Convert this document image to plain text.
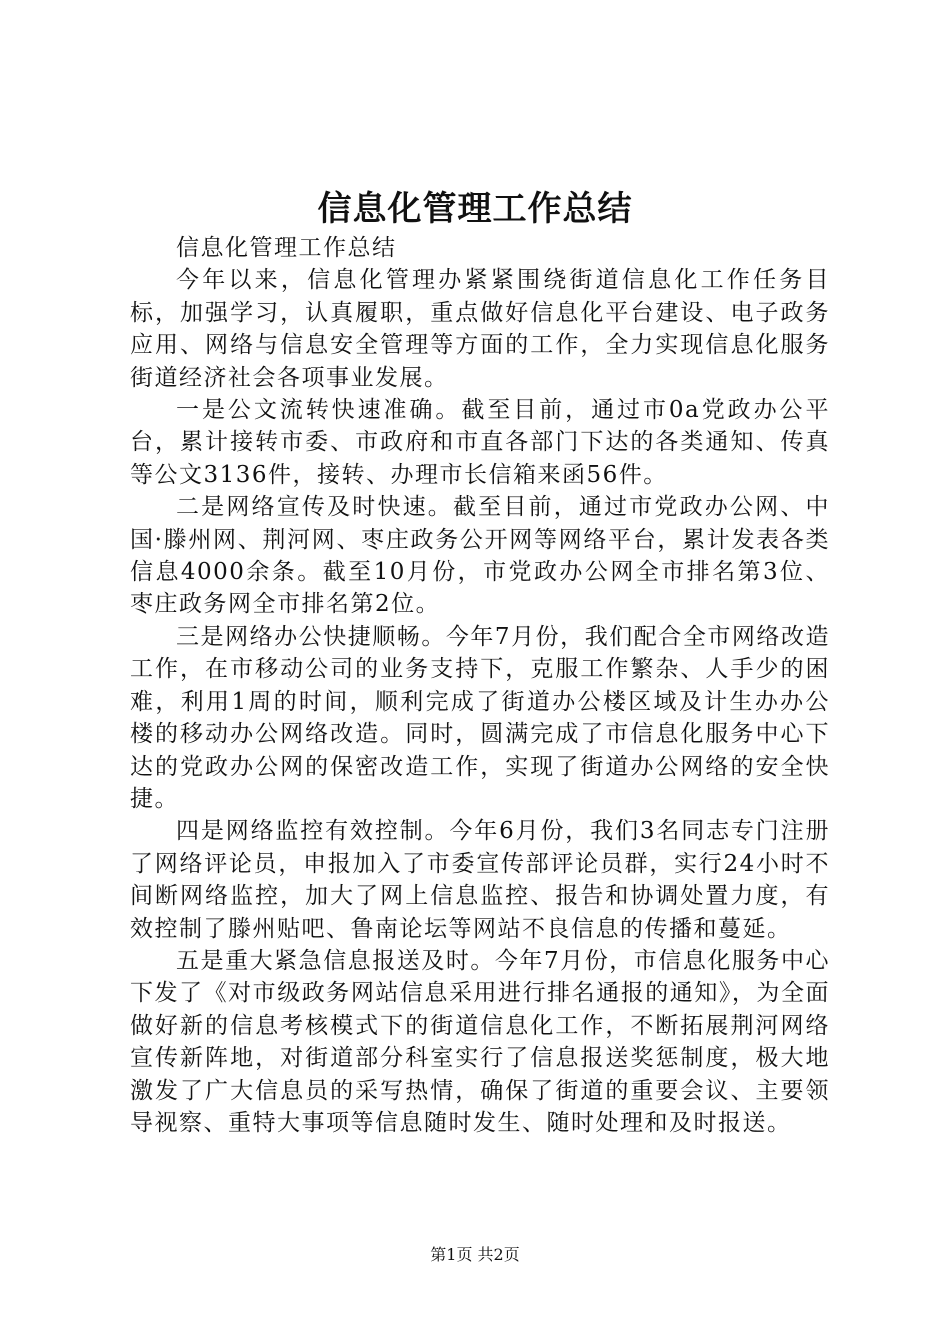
信息化管理工作总结

信息化管理工作总结

今年以来，信息化管理办紧紧围绕街道信息化工作任务目标，加强学习，认真履职，重点做好信息化平台建设、电子政务应用、网络与信息安全管理等方面的工作，全力实现信息化服务街道经济社会各项事业发展。

一是公文流转快速准确。截至目前，通过市0a党政办公平台，累计接转市委、市政府和市直各部门下达的各类通知、传真等公文3136件，接转、办理市长信箱来函56件。

二是网络宣传及时快速。截至目前，通过市党政办公网、中国·滕州网、荆河网、枣庄政务公开网等网络平台，累计发表各类信息4000余条。截至10月份，市党政办公网全市排名第3位、枣庄政务网全市排名第2位。

三是网络办公快捷顺畅。今年7月份，我们配合全市网络改造工作，在市移动公司的业务支持下，克服工作繁杂、人手少的困难，利用1周的时间，顺利完成了街道办公楼区域及计生办办公楼的移动办公网络改造。同时，圆满完成了市信息化服务中心下达的党政办公网的保密改造工作，实现了街道办公网络的安全快捷。

四是网络监控有效控制。今年6月份，我们3名同志专门注册了网络评论员，申报加入了市委宣传部评论员群，实行24小时不间断网络监控，加大了网上信息监控、报告和协调处置力度，有效控制了滕州贴吧、鲁南论坛等网站不良信息的传播和蔓延。

五是重大紧急信息报送及时。今年7月份，市信息化服务中心下发了《对市级政务网站信息采用进行排名通报的通知》，为全面做好新的信息考核模式下的街道信息化工作，不断拓展荆河网络宣传新阵地，对街道部分科室实行了信息报送奖惩制度，极大地激发了广大信息员的采写热情，确保了街道的重要会议、主要领导视察、重特大事项等信息随时发生、随时处理和及时报送。

第1页 共2页
